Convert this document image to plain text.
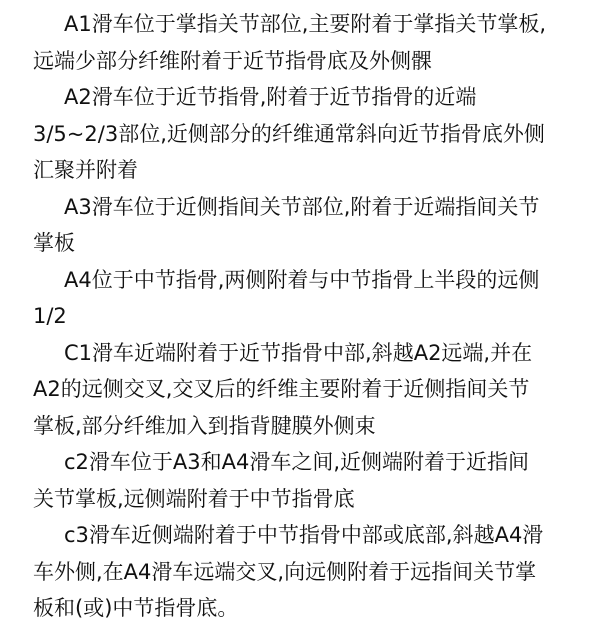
A1滑车位于掌指关节部位,主要附着于掌指关节掌板,
远端少部分纤维附着于近节指骨底及外侧髁
A2滑车位于近节指骨,附着于近节指骨的近端
3/5~2/3部位,近侧部分的纤维通常斜向近节指骨底外侧
汇聚并附着
A3滑车位于近侧指间关节部位,附着于近端指间关节
掌板
A4位于中节指骨,两侧附着与中节指骨上半段的远侧
1/2
C1滑车近端附着于近节指骨中部,斜越A2远端,并在
A2的远侧交叉,交叉后的纤维主要附着于近侧指间关节
掌板,部分纤维加入到指背腱膜外侧束
c2滑车位于A3和A4滑车之间,近侧端附着于近指间
关节掌板,远侧端附着于中节指骨底
c3滑车近侧端附着于中节指骨中部或底部,斜越A4滑
车外侧,在A4滑车远端交叉,向远侧附着于远指间关节掌
板和(或)中节指骨底。
